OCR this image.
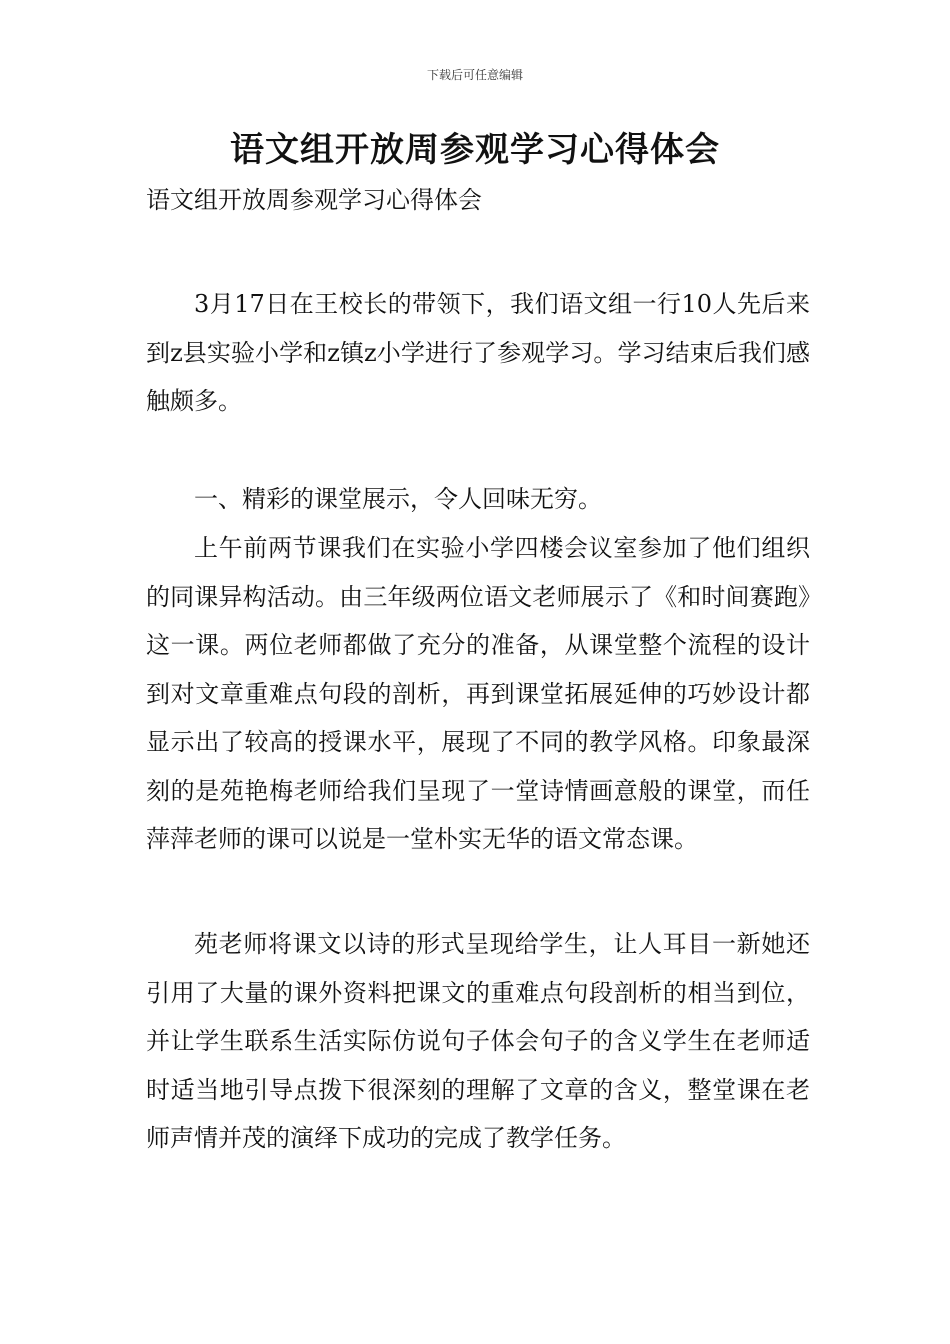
下载后可任意编辑
语文组开放周参观学习心得体会
语文组开放周参观学习心得体会

3月17日在王校长的带领下，我们语文组一行10人先后来到z县实验小学和z镇z小学进行了参观学习。学习结束后我们感触颇多。

一、精彩的课堂展示，令人回味无穷。

上午前两节课我们在实验小学四楼会议室参加了他们组织的同课异构活动。由三年级两位语文老师展示了《和时间赛跑》这一课。两位老师都做了充分的准备，从课堂整个流程的设计到对文章重难点句段的剖析，再到课堂拓展延伸的巧妙设计都显示出了较高的授课水平，展现了不同的教学风格。印象最深刻的是苑艳梅老师给我们呈现了一堂诗情画意般的课堂，而任萍萍老师的课可以说是一堂朴实无华的语文常态课。

苑老师将课文以诗的形式呈现给学生，让人耳目一新她还引用了大量的课外资料把课文的重难点句段剖析的相当到位，并让学生联系生活实际仿说句子体会句子的含义学生在老师适时适当地引导点拨下很深刻的理解了文章的含义，整堂课在老师声情并茂的演绎下成功的完成了教学任务。
